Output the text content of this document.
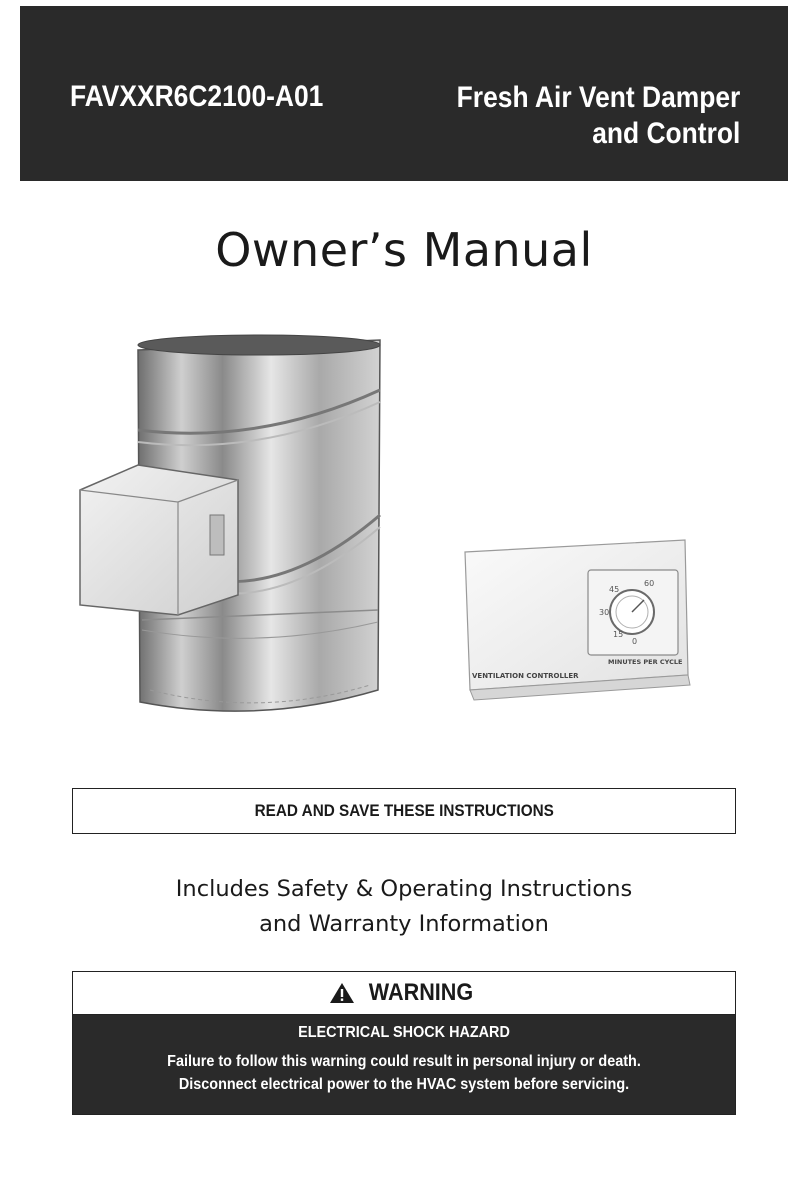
FAVXXR6C2100-A01	Fresh Air Vent Damper
and Control
Owner’s Manual
60
45
30
15
0
MINUTES PER CYCLE
VENTILATION CONTROLLER
READ AND SAVE THESE INSTRUCTIONS
Includes Safety & Operating Instructions
and Warranty Information
WARNING
ELECTRICAL SHOCK HAZARD
Failure to follow this warning could result in personal injury or death.
Disconnect electrical power to the HVAC system before servicing.
